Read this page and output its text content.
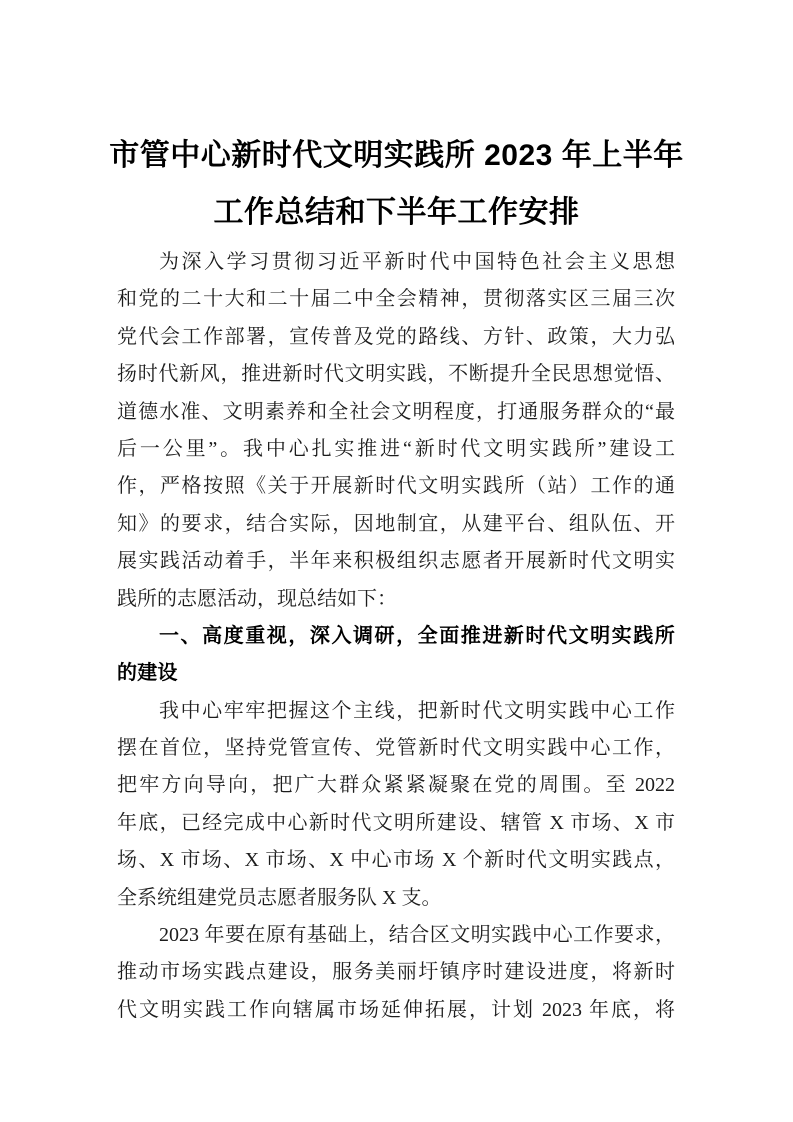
市管中心新时代文明实践所 2023 年上半年
工作总结和下半年工作安排
为深入学习贯彻习近平新时代中国特色社会主义思想
和党的二十大和二十届二中全会精神，贯彻落实区三届三次
党代会工作部署，宣传普及党的路线、方针、政策，大力弘
扬时代新风，推进新时代文明实践，不断提升全民思想觉悟、
道德水准、文明素养和全社会文明程度，打通服务群众的“最
后一公里”。我中心扎实推进“新时代文明实践所”建设工
作，严格按照《关于开展新时代文明实践所（站）工作的通
知》的要求，结合实际，因地制宜，从建平台、组队伍、开
展实践活动着手，半年来积极组织志愿者开展新时代文明实
践所的志愿活动，现总结如下：
一、高度重视，深入调研，全面推进新时代文明实践所
的建设
我中心牢牢把握这个主线，把新时代文明实践中心工作
摆在首位，坚持党管宣传、党管新时代文明实践中心工作，
把牢方向导向，把广大群众紧紧凝聚在党的周围。至 2022
年底，已经完成中心新时代文明所建设、辖管 X 市场、X 市
场、X 市场、X 市场、X 中心市场 X 个新时代文明实践点，
全系统组建党员志愿者服务队 X 支。
2023 年要在原有基础上，结合区文明实践中心工作要求，
推动市场实践点建设，服务美丽圩镇序时建设进度，将新时
代文明实践工作向辖属市场延伸拓展，计划 2023 年底，将
